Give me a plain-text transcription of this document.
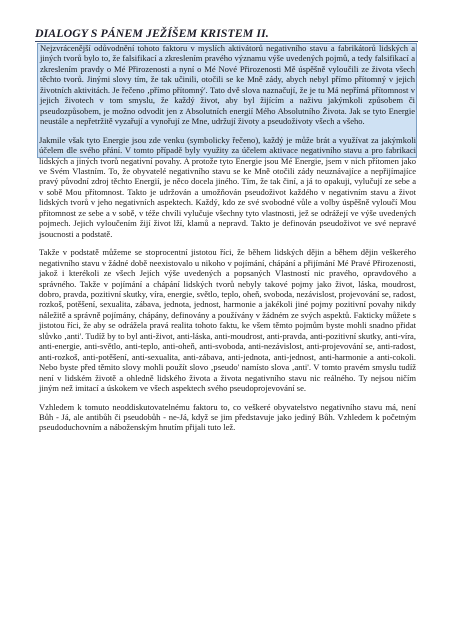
DIALOGY S PÁNEM JEŽÍŠEM KRISTEM II.

Nejzvrácenější odůvodnění tohoto faktoru v myslích aktivátorů negativního stavu a fabrikátorů lidských a jiných tvorů bylo to, že falsifikací a zkreslením pravého významu výše uvedených pojmů, a tedy falsifikací a zkreslením pravdy o Mé Přirozenosti a nyní o Mé Nové Přirozenosti Mě úspěšně vyloučili ze života všech těchto tvorů. Jinými slovy tím, že tak učinili, otočili se ke Mně zády, abych nebyl přímo přítomný v jejich životních aktivitách. Je řečeno ‚přímo přítomný'. Tato dvě slova naznačují, že je tu Má nepřímá přítomnost v jejich životech v tom smyslu, že každý život, aby byl žijícím a naživu jakýmkoli způsobem či pseudozpůsobem, je možno odvodit jen z Absolutních energií Mého Absolutního Života. Jak se tyto Energie neustále a nepřetržitě vyzařují a vynořují ze Mne, udržují životy a pseudoživoty všech a všeho.

Jakmile však tyto Energie jsou zde venku (symbolicky řečeno), každý je může brát a využívat za jakýmkoli účelem dle svého přání. V tomto případě byly využity za účelem aktivace negativního stavu a pro fabrikaci lidských a jiných tvorů negativní povahy. A protože tyto Energie jsou Mé Energie, jsem v nich přítomen jako ve Svém Vlastním. To, že obyvatelé negativního stavu se ke Mně otočili zády neuznávajíce a nepřijímajíce pravý původní zdroj těchto Energií, je něco docela jiného. Tím, že tak činí, a já to opakuji, vylučují ze sebe a v sobě Mou přítomnost. Takto je udržován a umožňován pseudoživot každého v negativním stavu a život lidských tvorů v jeho negativních aspektech. Každý, kdo ze své svobodné vůle a volby úspěšně vyloučí Mou přítomnost ze sebe a v sobě, v téže chvíli vylučuje všechny tyto vlastnosti, jež se odrážejí ve výše uvedených pojmech. Jejich vyloučením žijí život lží, klamů a nepravd. Takto je definován pseudoživot ve své nepravé jsoucnosti a podstatě.

Takže v podstatě můžeme se stoprocentní jistotou říci, že během lidských dějin a během dějin veškerého negativního stavu v žádné době neexistovalo u nikoho v pojímání, chápání a přijímání Mé Pravé Přirozenosti, jakož i kterékoli ze všech Jejích výše uvedených a popsaných Vlastností nic pravého, opravdového a správného. Takže v pojímání a chápání lidských tvorů nebyly takové pojmy jako život, láska, moudrost, dobro, pravda, pozitivní skutky, víra, energie, světlo, teplo, oheň, svoboda, nezávislost, projevování se, radost, rozkoš, potěšení, sexualita, zábava, jednota, jednost, harmonie a jakékoli jiné pojmy pozitivní povahy nikdy náležitě a správně pojímány, chápány, definovány a používány v žádném ze svých aspektů. Fakticky můžete s jistotou říci, že aby se odrážela pravá realita tohoto faktu, ke všem těmto pojmům byste mohli snadno přidat slůvko ‚anti'. Tudíž by to byl anti-život, anti-láska, anti-moudrost, anti-pravda, anti-pozitivní skutky, anti-víra, anti-energie, anti-světlo, anti-teplo, anti-oheň, anti-svoboda, anti-nezávislost, anti-projevování se, anti-radost, anti-rozkoš, anti-potěšení, anti-sexualita, anti-zábava, anti-jednota, anti-jednost, anti-harmonie a anti-cokoli. Nebo byste před těmito slovy mohli použít slovo ‚pseudo' namísto slova ‚anti'. V tomto pravém smyslu tudíž není v lidském životě a ohledně lidského života a života negativního stavu nic reálného. Ty nejsou ničím jiným než imitací a úskokem ve všech aspektech svého pseudoprojevování se.

Vzhledem k tomuto neoddiskutovatelnému faktoru to, co veškeré obyvatelstvo negativního stavu má, není Bůh - Já, ale antibůh či pseudobůh - ne-Já, když se jim představuje jako jediný Bůh. Vzhledem k početným pseudoduchovním a náboženským hnutím přijali tuto lež.
